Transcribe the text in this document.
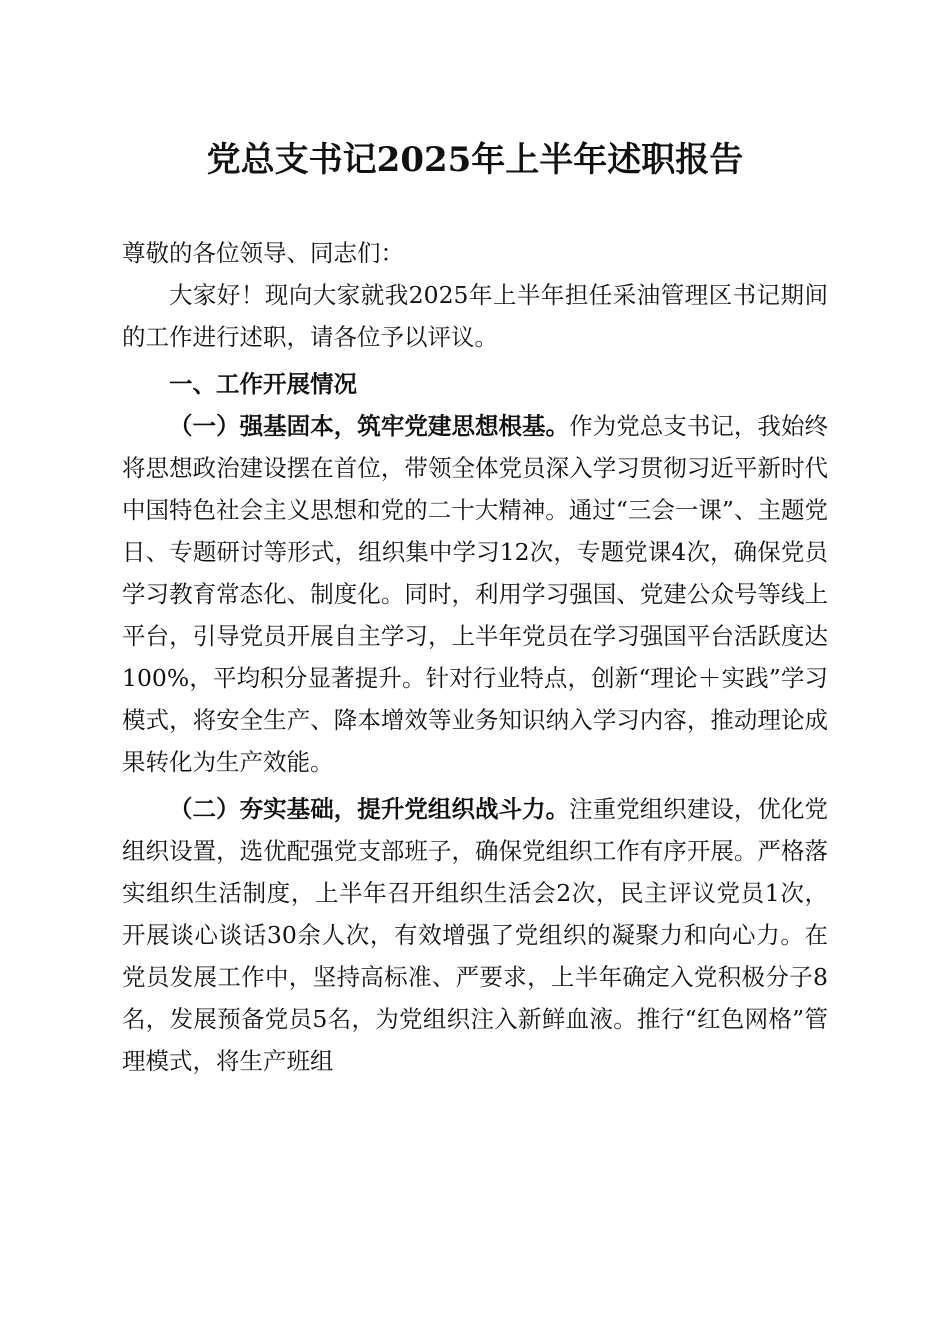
党总支书记2025年上半年述职报告

尊敬的各位领导、同志们：

大家好！现向大家就我2025年上半年担任采油管理区书记期间的工作进行述职，请各位予以评议。

一、工作开展情况

（一）强基固本，筑牢党建思想根基。作为党总支书记，我始终将思想政治建设摆在首位，带领全体党员深入学习贯彻习近平新时代中国特色社会主义思想和党的二十大精神。通过“三会一课”、主题党日、专题研讨等形式，组织集中学习12次，专题党课4次，确保党员学习教育常态化、制度化。同时，利用学习强国、党建公众号等线上平台，引导党员开展自主学习，上半年党员在学习强国平台活跃度达100%，平均积分显著提升。针对行业特点，创新“理论＋实践”学习模式，将安全生产、降本增效等业务知识纳入学习内容，推动理论成果转化为生产效能。

（二）夯实基础，提升党组织战斗力。注重党组织建设，优化党组织设置，选优配强党支部班子，确保党组织工作有序开展。严格落实组织生活制度，上半年召开组织生活会2次，民主评议党员1次，开展谈心谈话30余人次，有效增强了党组织的凝聚力和向心力。在党员发展工作中，坚持高标准、严要求，上半年确定入党积极分子8名，发展预备党员5名，为党组织注入新鲜血液。推行“红色网格”管理模式，将生产班组
